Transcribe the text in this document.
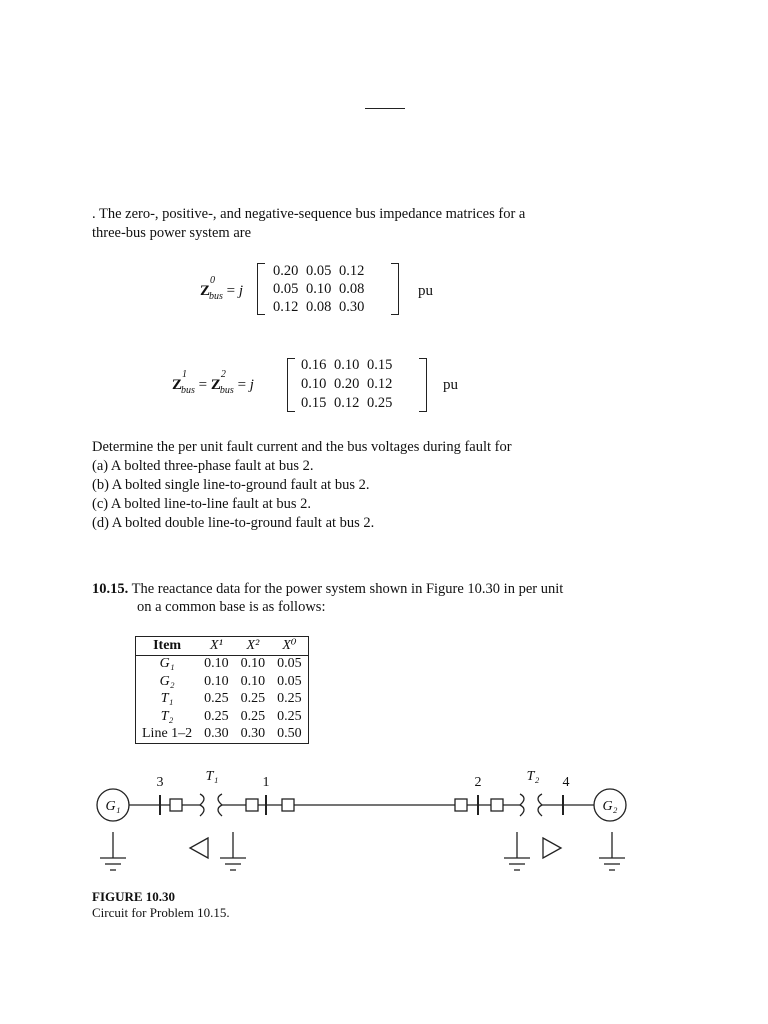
. The zero-, positive-, and negative-sequence bus impedance matrices for a
three-bus power system are
$Z^0_{bus} = j$
0.20 0.05 0.12
0.05 0.10 0.08
0.12 0.08 0.30
pu
$Z^1_{bus} = Z^2_{bus} = j$
0.16 0.10 0.15
0.10 0.20 0.12
0.15 0.12 0.25
pu
Determine the per unit fault current and the bus voltages during fault for
(a) A bolted three-phase fault at bus 2.
(b) A bolted single line-to-ground fault at bus 2.
(c) A bolted line-to-line fault at bus 2.
(d) A bolted double line-to-ground fault at bus 2.
10.15. The reactance data for the power system shown in Figure 10.30 in per unit
on a common base is as follows:
Item	X¹	X²	X⁰
G₁	0.10	0.10	0.05
G₂	0.10	0.10	0.05
T₁	0.25	0.25	0.25
T₂	0.25	0.25	0.25
Line 1–2	0.30	0.30	0.50
G₁	G₂
T₁	T₂
3	1	2	4
FIGURE 10.30
Circuit for Problem 10.15.
